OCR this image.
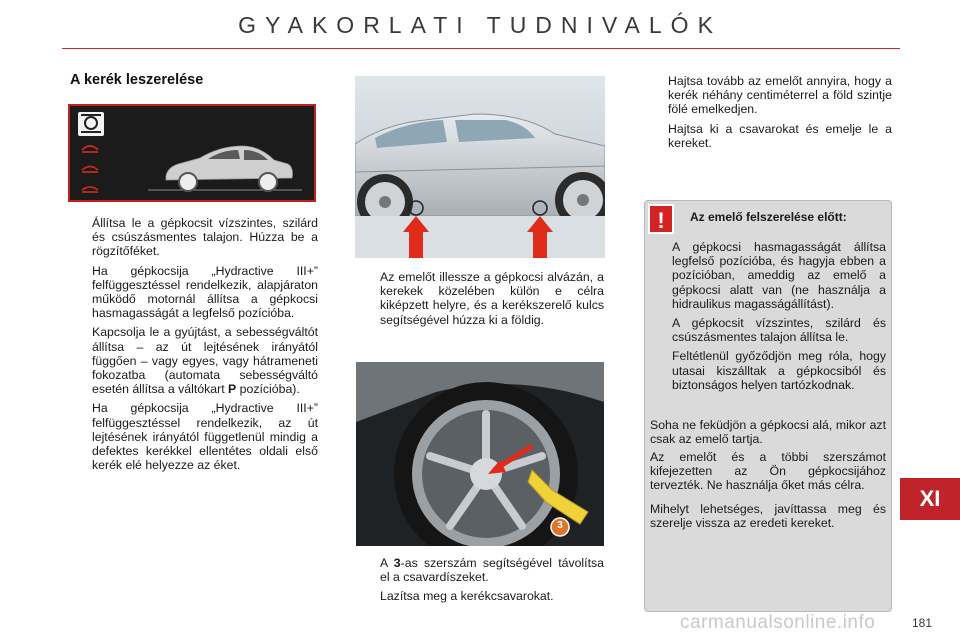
GYAKORLATI TUDNIVALÓK
A kerék leszerelése
Állítsa le a gépkocsit vízszintes, szilárd és csúszásmentes talajon. Húzza be a rögzítőféket.
Ha gépkocsija „Hydractive III+” felfüggesztéssel rendelkezik, alapjáraton működő motornál állítsa a gépkocsi hasmagasságát a legfelső pozícióba.
Kapcsolja le a gyújtást, a sebességváltót állítsa – az út lejtésének irányától függően – vagy egyes, vagy hátrameneti fokozatba (automata sebességváltó esetén állítsa a váltókart P pozícióba).
Ha gépkocsija „Hydractive III+” felfüggesztéssel rendelkezik, az út lejtésének irányától függetlenül mindig a defektes kerékkel ellentétes oldali első kerék elé helyezze az éket.
Az emelőt illessze a gépkocsi alvázán, a kerekek közelében külön e célra kiképzett helyre, és a kerékszerelő kulcs segítségével húzza ki a földig.
3
A 3-as szerszám segítségével távolítsa el a csavardíszeket.
Lazítsa meg a kerékcsavarokat.
Hajtsa tovább az emelőt annyira, hogy a kerék néhány centiméterrel a föld szintje fölé emelkedjen.
Hajtsa ki a csavarokat és emelje le a kereket.
!	Az emelő felszerelése előtt:
A gépkocsi hasmagasságát állítsa legfelső pozícióba, és hagyja ebben a pozícióban, ameddig az emelő a gépkocsi alatt van (ne használja a hidraulikus magasságállítást).
A gépkocsit vízszintes, szilárd és csúszásmentes talajon állítsa le.
Feltétlenül győződjön meg róla, hogy utasai kiszálltak a gépkocsiból és biztonságos helyen tartózkodnak.
Soha ne feküdjön a gépkocsi alá, mikor azt csak az emelő tartja.
Az emelőt és a többi szerszámot kifejezetten az Ön gépkocsijához tervezték. Ne használja őket más célra.
Mihelyt lehetséges, javíttassa meg és szerelje vissza az eredeti kereket.
XI
carmanualsonline.info	181
